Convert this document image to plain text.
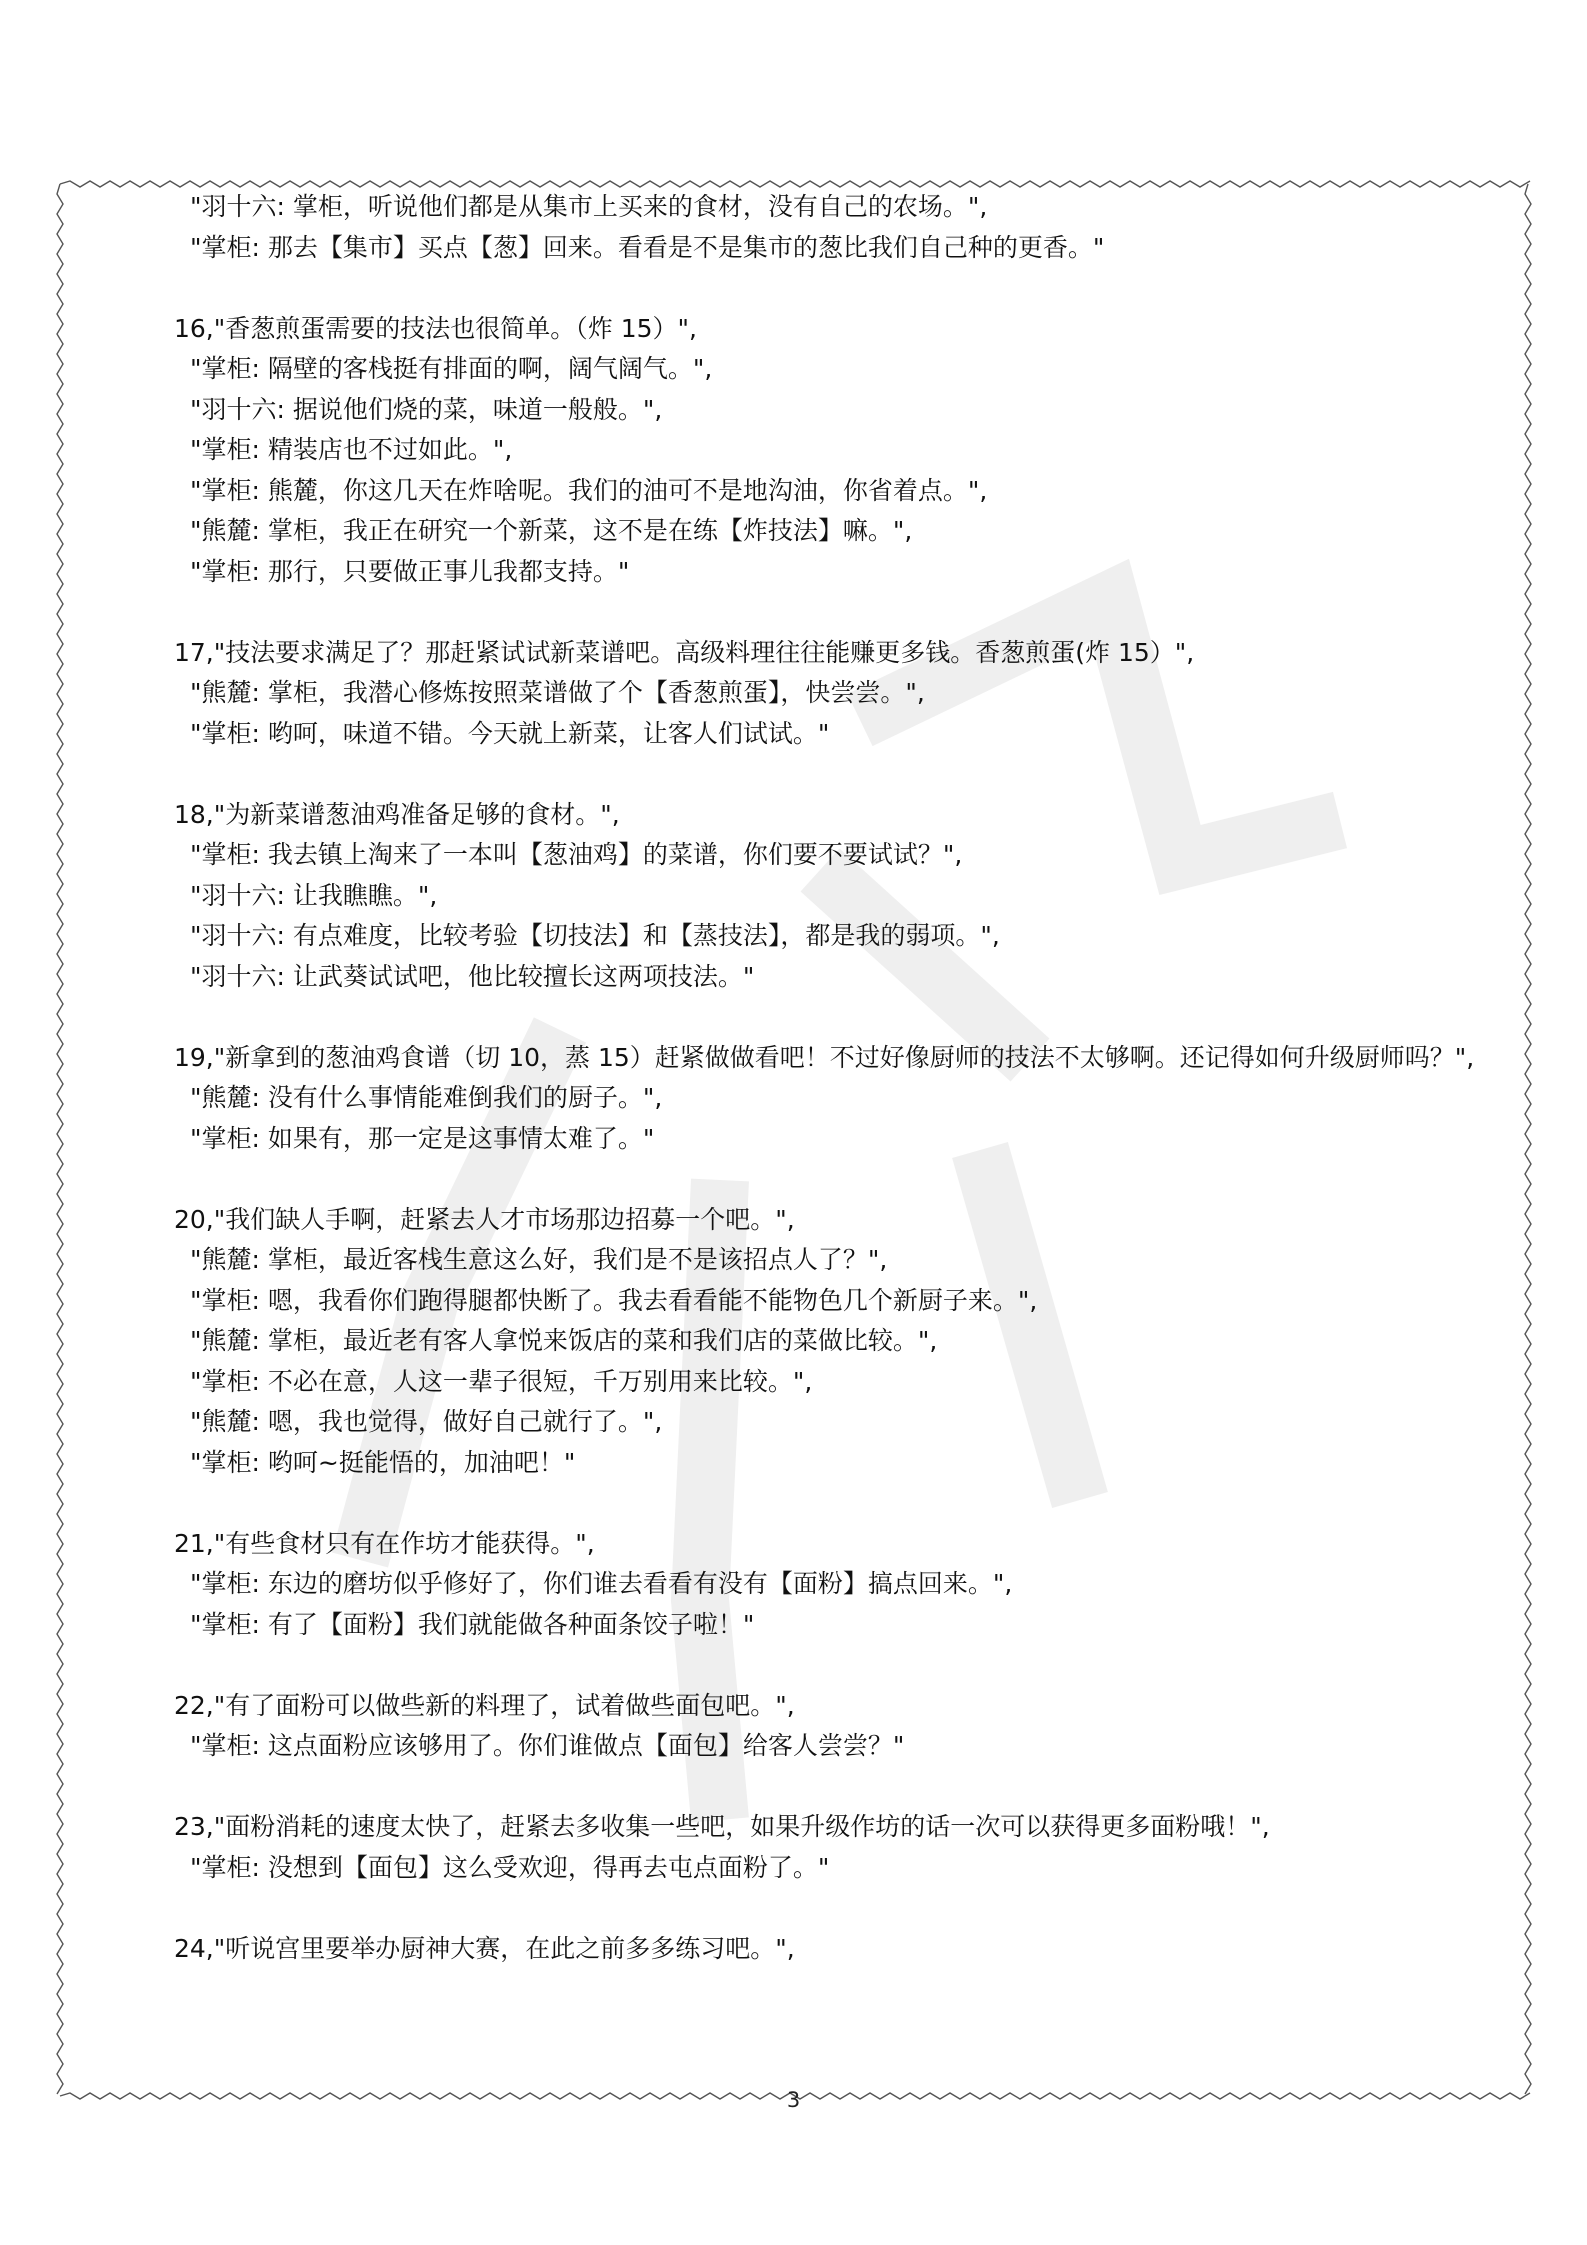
"羽十六: 掌柜，听说他们都是从集市上买来的食材，没有自己的农场。",
"掌柜: 那去【集市】买点【葱】回来。看看是不是集市的葱比我们自己种的更香。"
16,"香葱煎蛋需要的技法也很简单。（炸 15）",
"掌柜: 隔壁的客栈挺有排面的啊，阔气阔气。",
"羽十六: 据说他们烧的菜，味道一般般。",
"掌柜: 精装店也不过如此。",
"掌柜: 熊麓，你这几天在炸啥呢。我们的油可不是地沟油，你省着点。",
"熊麓: 掌柜，我正在研究一个新菜，这不是在练【炸技法】嘛。",
"掌柜: 那行，只要做正事儿我都支持。"
17,"技法要求满足了？那赶紧试试新菜谱吧。高级料理往往能赚更多钱。香葱煎蛋(炸 15）",
"熊麓: 掌柜，我潜心修炼按照菜谱做了个【香葱煎蛋】，快尝尝。",
"掌柜: 哟呵，味道不错。今天就上新菜，让客人们试试。"
18,"为新菜谱葱油鸡准备足够的食材。",
"掌柜: 我去镇上淘来了一本叫【葱油鸡】的菜谱，你们要不要试试？",
"羽十六: 让我瞧瞧。",
"羽十六: 有点难度，比较考验【切技法】和【蒸技法】，都是我的弱项。",
"羽十六: 让武葵试试吧，他比较擅长这两项技法。"
19,"新拿到的葱油鸡食谱（切 10，蒸 15）赶紧做做看吧！不过好像厨师的技法不太够啊。还记得如何升级厨师吗？",
"熊麓: 没有什么事情能难倒我们的厨子。",
"掌柜: 如果有，那一定是这事情太难了。"
20,"我们缺人手啊，赶紧去人才市场那边招募一个吧。",
"熊麓: 掌柜，最近客栈生意这么好，我们是不是该招点人了？",
"掌柜: 嗯，我看你们跑得腿都快断了。我去看看能不能物色几个新厨子来。",
"熊麓: 掌柜，最近老有客人拿悦来饭店的菜和我们店的菜做比较。",
"掌柜: 不必在意，人这一辈子很短，千万别用来比较。",
"熊麓: 嗯，我也觉得，做好自己就行了。",
"掌柜: 哟呵~挺能悟的，加油吧！"
21,"有些食材只有在作坊才能获得。",
"掌柜: 东边的磨坊似乎修好了，你们谁去看看有没有【面粉】搞点回来。",
"掌柜: 有了【面粉】我们就能做各种面条饺子啦！"
22,"有了面粉可以做些新的料理了，试着做些面包吧。",
"掌柜: 这点面粉应该够用了。你们谁做点【面包】给客人尝尝？"
23,"面粉消耗的速度太快了，赶紧去多收集一些吧，如果升级作坊的话一次可以获得更多面粉哦！",
"掌柜: 没想到【面包】这么受欢迎，得再去屯点面粉了。"
24,"听说宫里要举办厨神大赛，在此之前多多练习吧。",
3
